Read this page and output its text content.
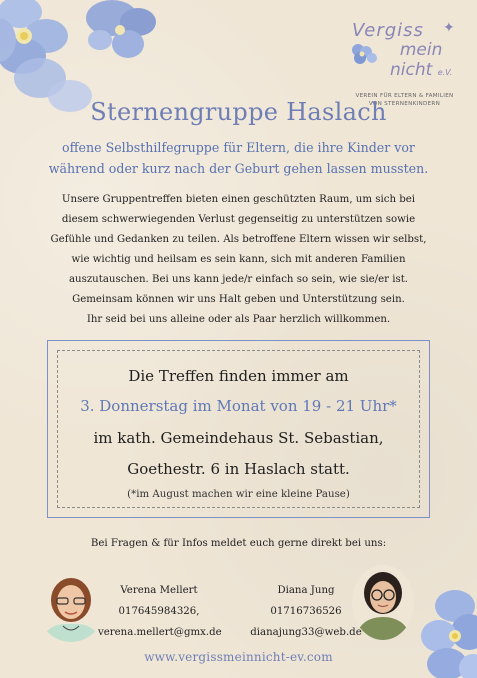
Vergiss ✦
mein
nicht e.V.
VEREIN FÜR ELTERN & FAMILIEN
VON STERNENKINDERN
Sternengruppe Haslach
offene Selbsthilfegruppe für Eltern, die ihre Kinder vor
während oder kurz nach der Geburt gehen lassen mussten.
Unsere Gruppentreffen bieten einen geschützten Raum, um sich bei
diesem schwerwiegenden Verlust gegenseitig zu unterstützen sowie
Gefühle und Gedanken zu teilen. Als betroffene Eltern wissen wir selbst,
wie wichtig und heilsam es sein kann, sich mit anderen Familien
auszutauschen. Bei uns kann jede/r einfach so sein, wie sie/er ist.
Gemeinsam können wir uns Halt geben und Unterstützung sein.
Ihr seid bei uns alleine oder als Paar herzlich willkommen.
Die Treffen finden immer am
3. Donnerstag im Monat von 19 - 21 Uhr*
im kath. Gemeindehaus St. Sebastian,
Goethestr. 6 in Haslach statt.
(*im August machen wir eine kleine Pause)
Bei Fragen & für Infos meldet euch gerne direkt bei uns:
Verena Mellert
017645984326,
verena.mellert@gmx.de
Diana Jung
01716736526
dianajung33@web.de
www.vergissmeinnicht-ev.com
